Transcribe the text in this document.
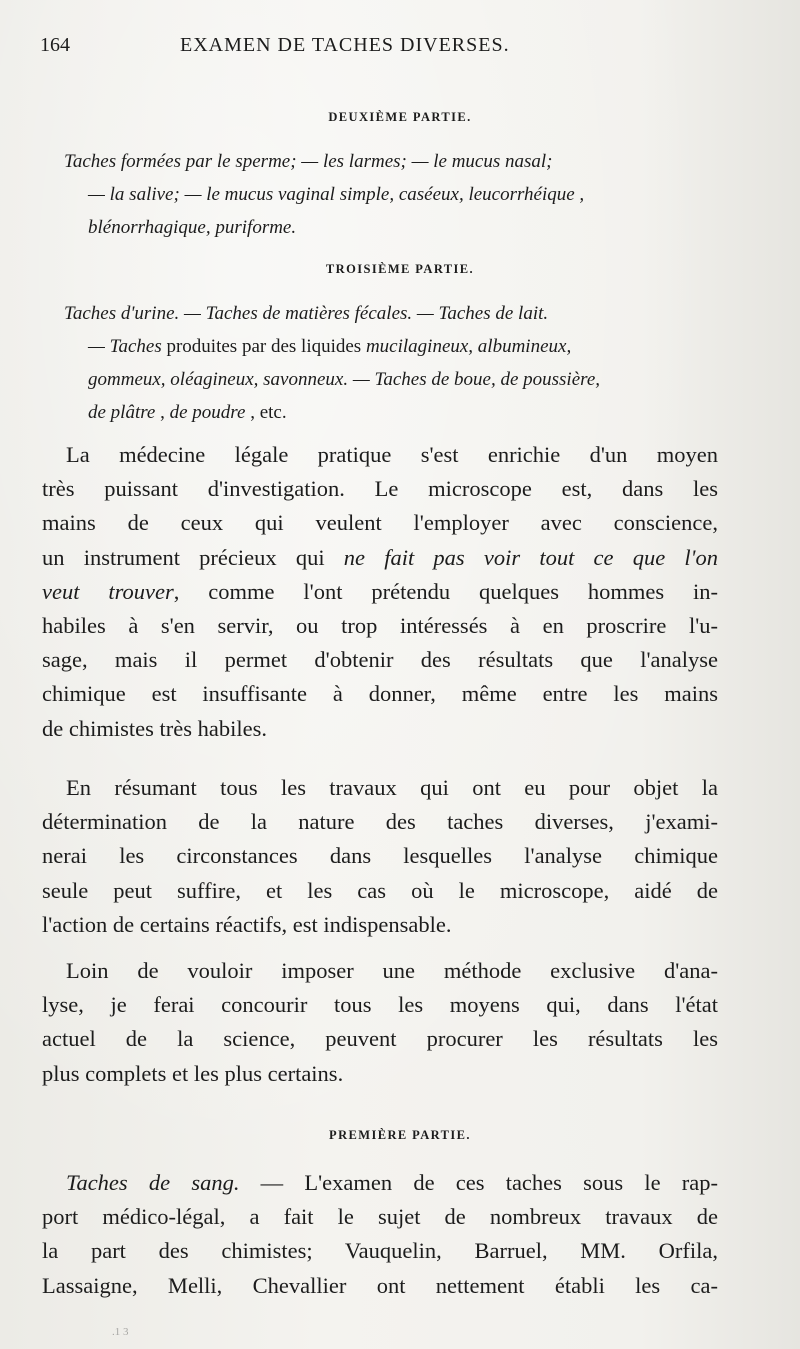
164	EXAMEN DE TACHES DIVERSES.
DEUXIÈME PARTIE.
Taches formées par le sperme; — les larmes; — le mucus nasal;
— la salive; — le mucus vaginal simple, caséeux, leucorrhéique ,
blénorrhagique, puriforme.
TROISIÈME PARTIE.
Taches d'urine. — Taches de matières fécales. — Taches de lait.
— Taches produites par des liquides mucilagineux, albumineux,
gommeux, oléagineux, savonneux. — Taches de boue, de poussière,
de plâtre , de poudre , etc.
La médecine légale pratique s'est enrichie d'un moyen
très puissant d'investigation. Le microscope est, dans les
mains de ceux qui veulent l'employer avec conscience,
un instrument précieux qui ne fait pas voir tout ce que l'on
veut trouver, comme l'ont prétendu quelques hommes in-
habiles à s'en servir, ou trop intéressés à en proscrire l'u-
sage, mais il permet d'obtenir des résultats que l'analyse
chimique est insuffisante à donner, même entre les mains
de chimistes très habiles.
En résumant tous les travaux qui ont eu pour objet la
détermination de la nature des taches diverses, j'exami-
nerai les circonstances dans lesquelles l'analyse chimique
seule peut suffire, et les cas où le microscope, aidé de
l'action de certains réactifs, est indispensable.
Loin de vouloir imposer une méthode exclusive d'ana-
lyse, je ferai concourir tous les moyens qui, dans l'état
actuel de la science, peuvent procurer les résultats les
plus complets et les plus certains.
PREMIÈRE PARTIE.
Taches de sang. — L'examen de ces taches sous le rap-
port médico-légal, a fait le sujet de nombreux travaux de
la part des chimistes; Vauquelin, Barruel, MM. Orfila,
Lassaigne, Melli, Chevallier ont nettement établi les ca-
.1 3
